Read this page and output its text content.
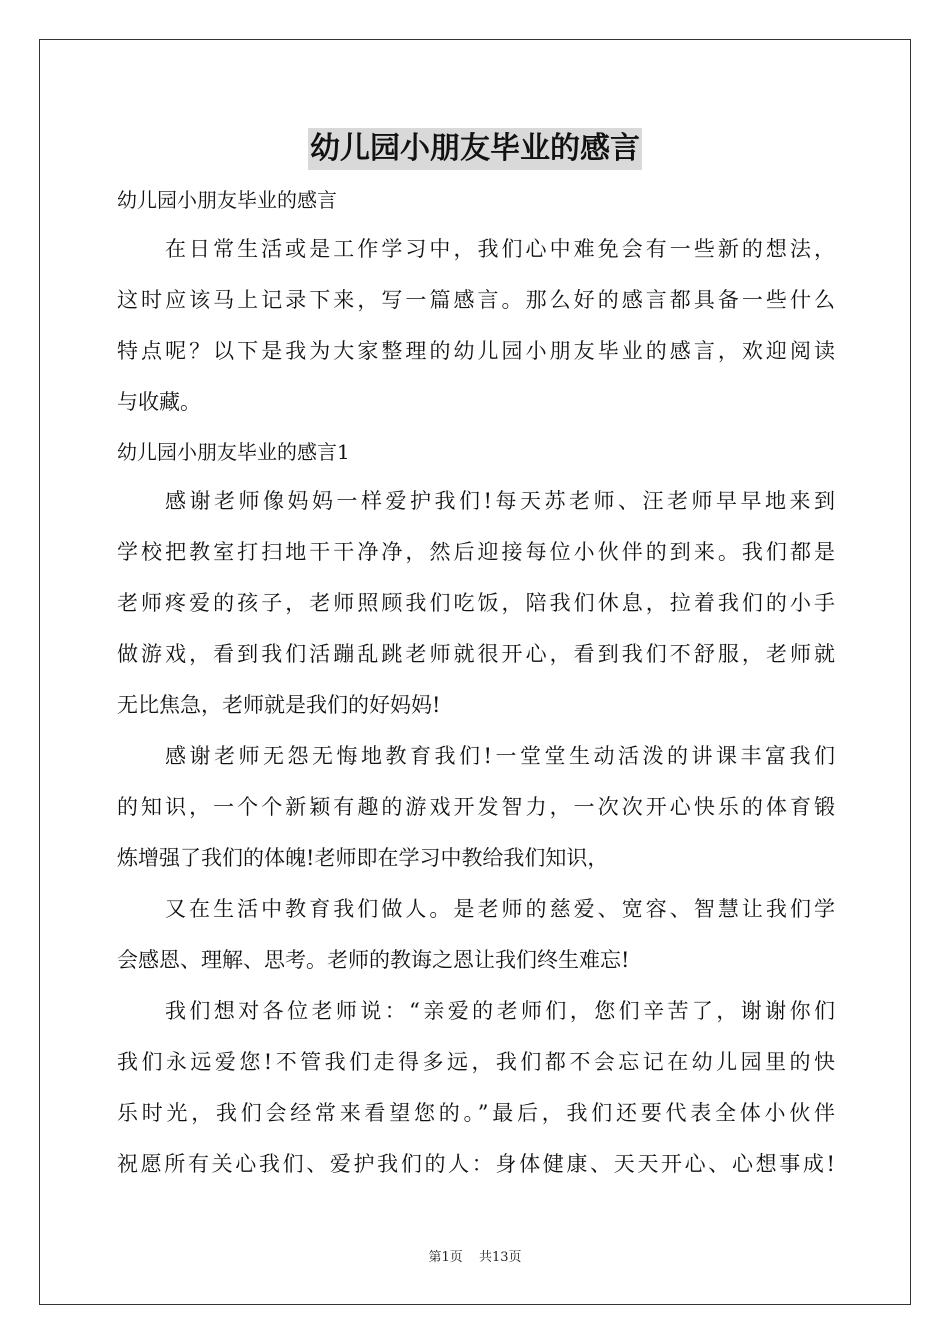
幼儿园小朋友毕业的感言
幼儿园小朋友毕业的感言
在日常生活或是工作学习中，我们心中难免会有一些新的想法，
这时应该马上记录下来，写一篇感言。那么好的感言都具备一些什么
特点呢？以下是我为大家整理的幼儿园小朋友毕业的感言，欢迎阅读
与收藏。
幼儿园小朋友毕业的感言1
感谢老师像妈妈一样爱护我们!每天苏老师、汪老师早早地来到
学校把教室打扫地干干净净，然后迎接每位小伙伴的到来。我们都是
老师疼爱的孩子，老师照顾我们吃饭，陪我们休息，拉着我们的小手
做游戏，看到我们活蹦乱跳老师就很开心，看到我们不舒服，老师就
无比焦急，老师就是我们的好妈妈!
感谢老师无怨无悔地教育我们!一堂堂生动活泼的讲课丰富我们
的知识，一个个新颖有趣的游戏开发智力，一次次开心快乐的体育锻
炼增强了我们的体魄!老师即在学习中教给我们知识，
又在生活中教育我们做人。是老师的慈爱、宽容、智慧让我们学
会感恩、理解、思考。老师的教诲之恩让我们终生难忘!
我们想对各位老师说：“亲爱的老师们，您们辛苦了，谢谢你们
我们永远爱您!不管我们走得多远，我们都不会忘记在幼儿园里的快
乐时光，我们会经常来看望您的。”最后，我们还要代表全体小伙伴
祝愿所有关心我们、爱护我们的人：身体健康、天天开心、心想事成!
第1页 共13页
